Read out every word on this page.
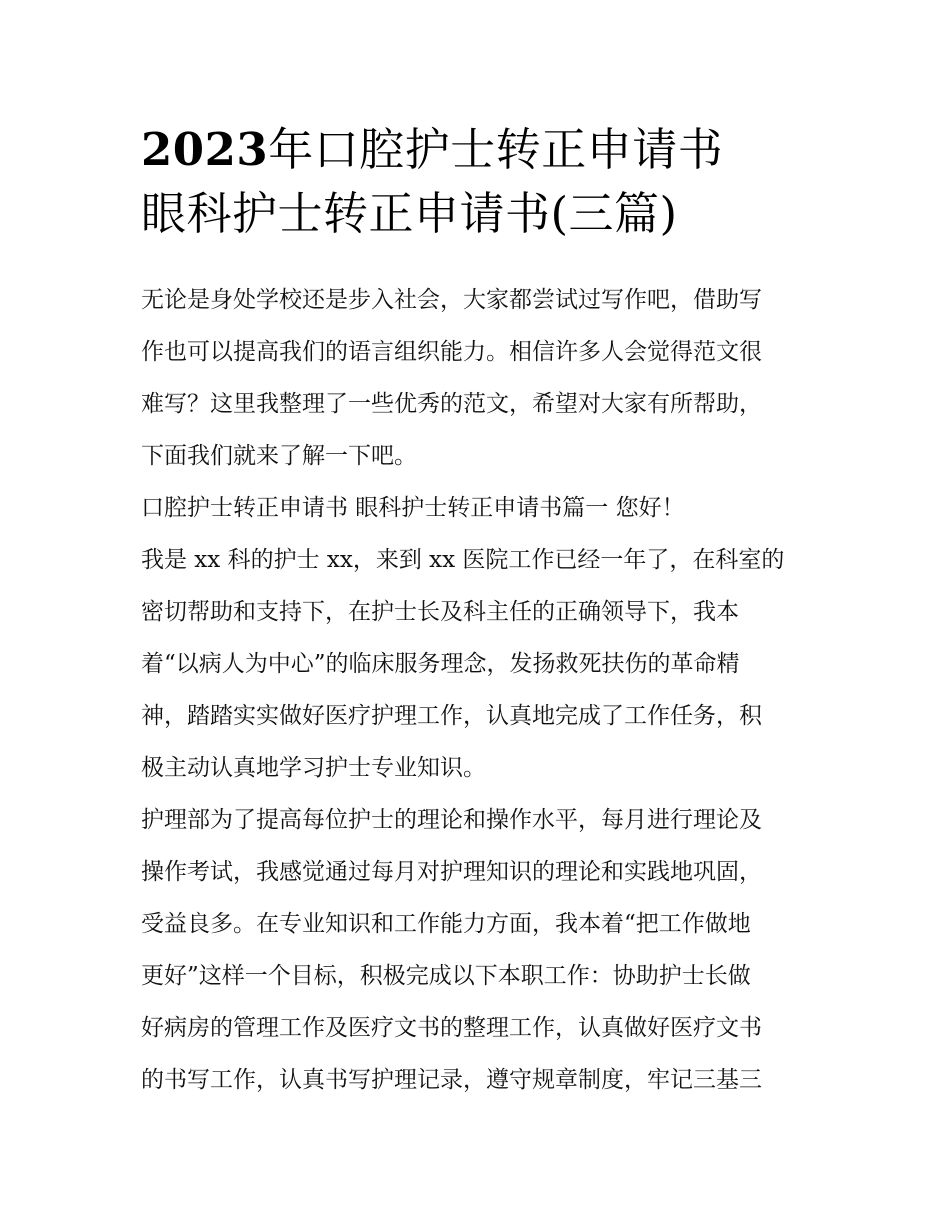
2023年口腔护士转正申请书
眼科护士转正申请书(三篇)
无论是身处学校还是步入社会，大家都尝试过写作吧，借助写
作也可以提高我们的语言组织能力。相信许多人会觉得范文很
难写？这里我整理了一些优秀的范文，希望对大家有所帮助，
下面我们就来了解一下吧。
口腔护士转正申请书 眼科护士转正申请书篇一 您好！
我是 xx 科的护士 xx，来到 xx 医院工作已经一年了，在科室的
密切帮助和支持下，在护士长及科主任的正确领导下，我本
着“以病人为中心”的临床服务理念，发扬救死扶伤的革命精
神，踏踏实实做好医疗护理工作，认真地完成了工作任务，积
极主动认真地学习护士专业知识。
护理部为了提高每位护士的理论和操作水平，每月进行理论及
操作考试，我感觉通过每月对护理知识的理论和实践地巩固，
受益良多。在专业知识和工作能力方面，我本着“把工作做地
更好”这样一个目标，积极完成以下本职工作：协助护士长做
好病房的管理工作及医疗文书的整理工作，认真做好医疗文书
的书写工作，认真书写护理记录，遵守规章制度，牢记三基三
